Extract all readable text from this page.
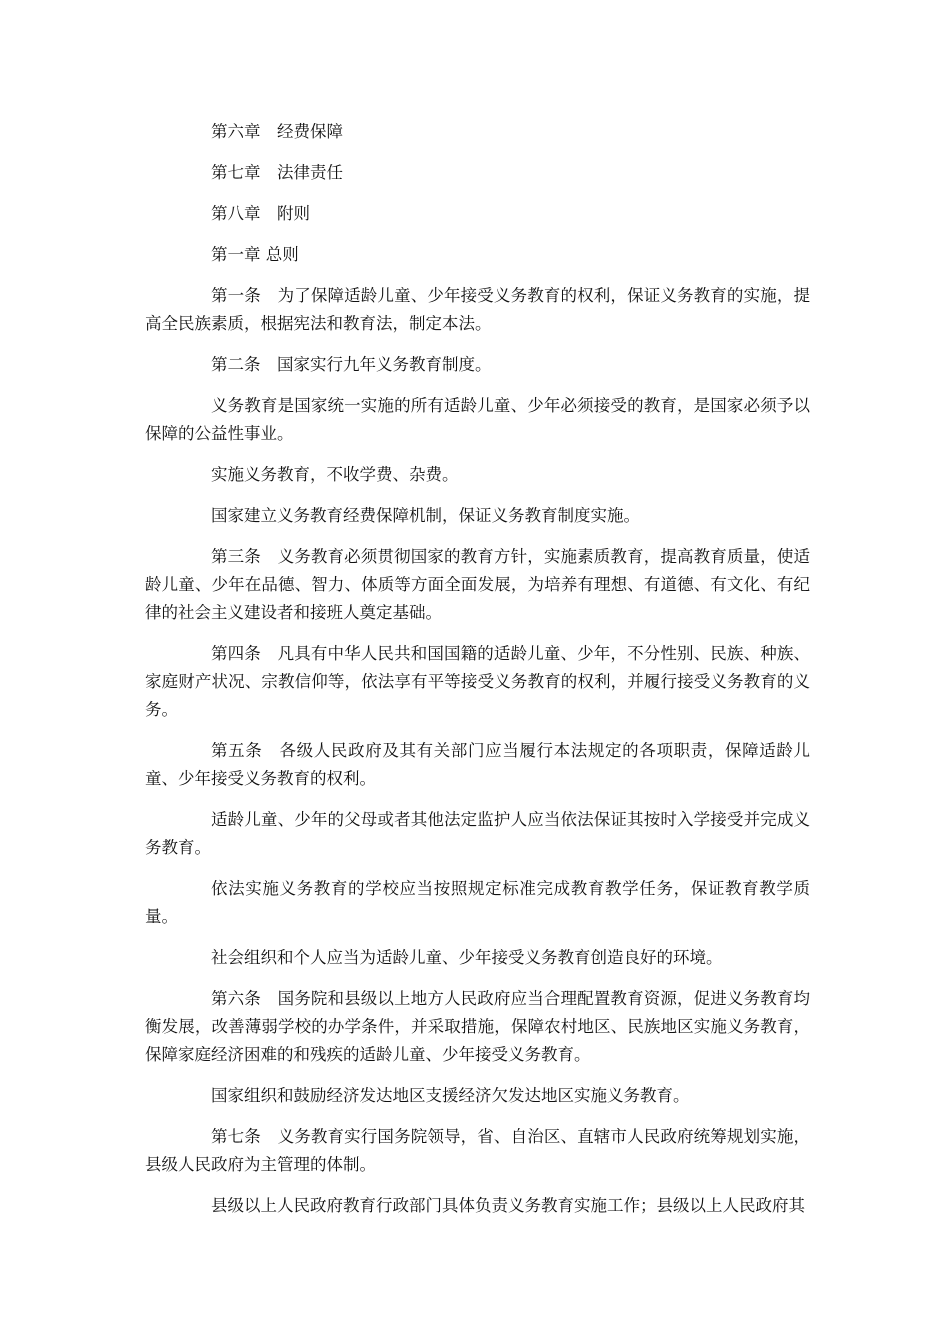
第六章　经费保障
第七章　法律责任
第八章　附则
第一章 总则

第一条　为了保障适龄儿童、少年接受义务教育的权利，保证义务教育的实施，提高全民族素质，根据宪法和教育法，制定本法。

第二条　国家实行九年义务教育制度。

义务教育是国家统一实施的所有适龄儿童、少年必须接受的教育，是国家必须予以保障的公益性事业。

实施义务教育，不收学费、杂费。

国家建立义务教育经费保障机制，保证义务教育制度实施。

第三条　义务教育必须贯彻国家的教育方针，实施素质教育，提高教育质量，使适龄儿童、少年在品德、智力、体质等方面全面发展，为培养有理想、有道德、有文化、有纪律的社会主义建设者和接班人奠定基础。

第四条　凡具有中华人民共和国国籍的适龄儿童、少年，不分性别、民族、种族、家庭财产状况、宗教信仰等，依法享有平等接受义务教育的权利，并履行接受义务教育的义务。

第五条　各级人民政府及其有关部门应当履行本法规定的各项职责，保障适龄儿童、少年接受义务教育的权利。

适龄儿童、少年的父母或者其他法定监护人应当依法保证其按时入学接受并完成义务教育。

依法实施义务教育的学校应当按照规定标准完成教育教学任务，保证教育教学质量。

社会组织和个人应当为适龄儿童、少年接受义务教育创造良好的环境。

第六条　国务院和县级以上地方人民政府应当合理配置教育资源，促进义务教育均衡发展，改善薄弱学校的办学条件，并采取措施，保障农村地区、民族地区实施义务教育，保障家庭经济困难的和残疾的适龄儿童、少年接受义务教育。

国家组织和鼓励经济发达地区支援经济欠发达地区实施义务教育。

第七条　义务教育实行国务院领导，省、自治区、直辖市人民政府统筹规划实施，县级人民政府为主管理的体制。

县级以上人民政府教育行政部门具体负责义务教育实施工作；县级以上人民政府其
